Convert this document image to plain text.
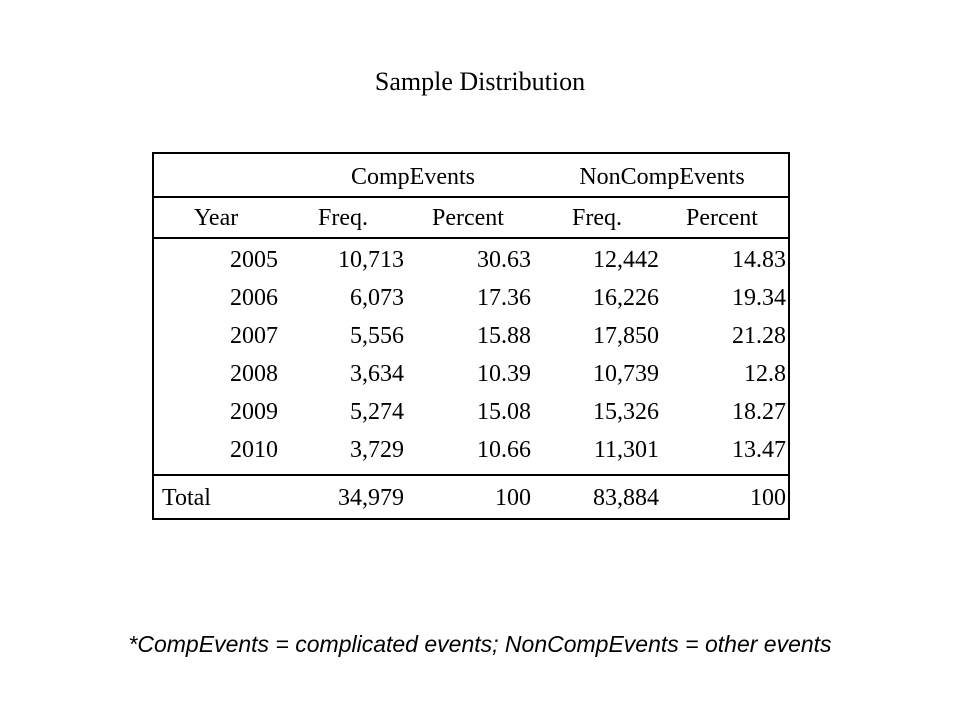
Sample Distribution
CompEvents	NonCompEvents
Year	Freq.	Percent	Freq.	Percent
2005	10,713	30.63	12,442	14.83
2006	6,073	17.36	16,226	19.34
2007	5,556	15.88	17,850	21.28
2008	3,634	10.39	10,739	12.8
2009	5,274	15.08	15,326	18.27
2010	3,729	10.66	11,301	13.47
Total	34,979	100	83,884	100
*CompEvents = complicated events; NonCompEvents = other events
